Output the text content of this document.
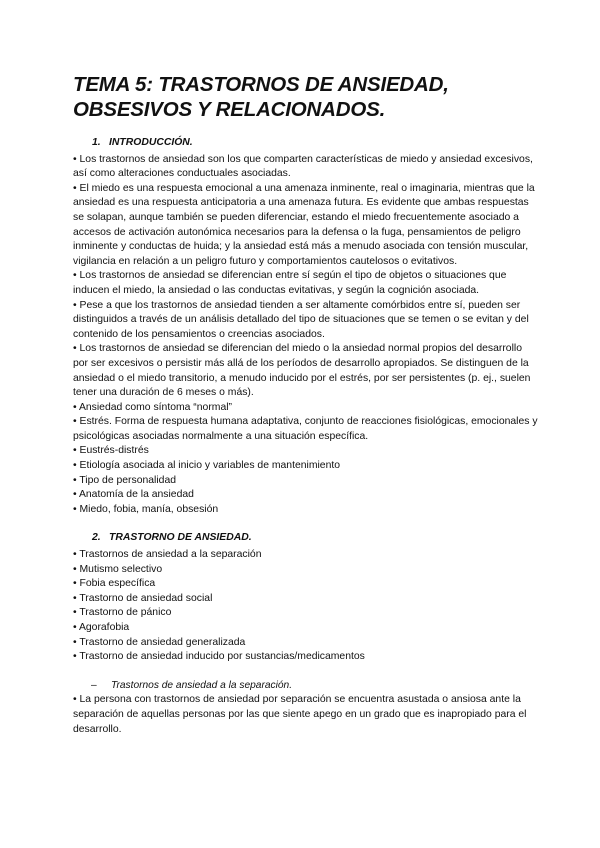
TEMA 5: TRASTORNOS DE ANSIEDAD,
OBSESIVOS Y RELACIONADOS.
1. INTRODUCCIÓN.

• Los trastornos de ansiedad son los que comparten características de miedo y ansiedad excesivos, así como alteraciones conductuales asociadas.

• El miedo es una respuesta emocional a una amenaza inminente, real o imaginaria, mientras que la ansiedad es una respuesta anticipatoria a una amenaza futura. Es evidente que ambas respuestas se solapan, aunque también se pueden diferenciar, estando el miedo frecuentemente asociado a accesos de activación autonómica necesarios para la defensa o la fuga, pensamientos de peligro inminente y conductas de huida; y la ansiedad está más a menudo asociada con tensión muscular, vigilancia en relación a un peligro futuro y comportamientos cautelosos o evitativos.

• Los trastornos de ansiedad se diferencian entre sí según el tipo de objetos o situaciones que inducen el miedo, la ansiedad o las conductas evitativas, y según la cognición asociada.

• Pese a que los trastornos de ansiedad tienden a ser altamente comórbidos entre sí, pueden ser distinguidos a través de un análisis detallado del tipo de situaciones que se temen o se evitan y del contenido de los pensamientos o creencias asociados.

• Los trastornos de ansiedad se diferencian del miedo o la ansiedad normal propios del desarrollo por ser excesivos o persistir más allá de los períodos de desarrollo apropiados. Se distinguen de la ansiedad o el miedo transitorio, a menudo inducido por el estrés, por ser persistentes (p. ej., suelen tener una duración de 6 meses o más).

• Ansiedad como síntoma “normal”

• Estrés. Forma de respuesta humana adaptativa, conjunto de reacciones fisiológicas, emocionales y psicológicas asociadas normalmente a una situación específica.

• Eustrés-distrés

• Etiología asociada al inicio y variables de mantenimiento

• Tipo de personalidad

• Anatomía de la ansiedad

• Miedo, fobia, manía, obsesión

2. TRASTORNO DE ANSIEDAD.
• Trastornos de ansiedad a la separación
• Mutismo selectivo
• Fobia específica
• Trastorno de ansiedad social
• Trastorno de pánico
• Agorafobia
• Trastorno de ansiedad generalizada
• Trastorno de ansiedad inducido por sustancias/medicamentos
– Trastornos de ansiedad a la separación.

• La persona con trastornos de ansiedad por separación se encuentra asustada o ansiosa ante la separación de aquellas personas por las que siente apego en un grado que es inapropiado para el desarrollo.
